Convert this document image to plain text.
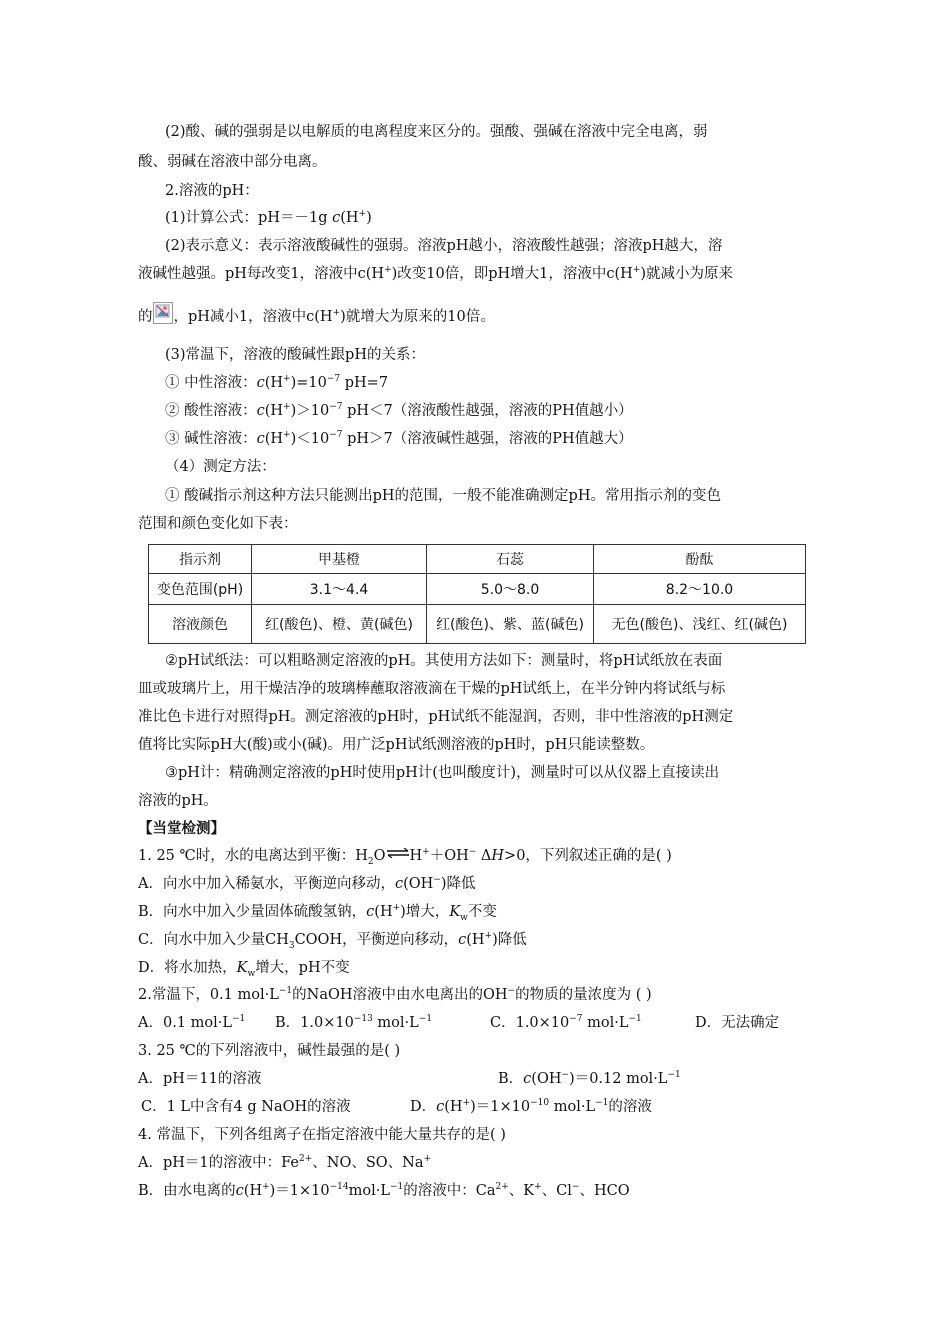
(2)酸、碱的强弱是以电解质的电离程度来区分的。强酸、强碱在溶液中完全电离，弱
酸、弱碱在溶液中部分电离。
2.溶液的pH：
(1)计算公式：pH＝－1g c(H+)
(2)表示意义：表示溶液酸碱性的强弱。溶液pH越小，溶液酸性越强；溶液pH越大，溶
液碱性越强。pH每改变1，溶液中c(H+)改变10倍，即pH增大1，溶液中c(H+)就减小为原来
的 ，pH减小1，溶液中c(H+)就增大为原来的10倍。
(3)常温下，溶液的酸碱性跟pH的关系：
① 中性溶液：$c(H^+)=10^{-7}$ pH=7
② 酸性溶液：$c(H^+)>10^{-7}$ pH＜7（溶液酸性越强，溶液的PH值越小）
③ 碱性溶液：$c(H^+)<10^{-7}$ pH＞7（溶液碱性越强，溶液的PH值越大）
（4）测定方法：
① 酸碱指示剂这种方法只能测出pH的范围，一般不能准确测定pH。常用指示剂的变色
范围和颜色变化如下表：
指示剂	甲基橙	石蕊	酚酞
变色范围(pH)	3.1～4.4	5.0～8.0	8.2～10.0
溶液颜色	红(酸色)、橙、黄(碱色)	红(酸色)、紫、蓝(碱色)	无色(酸色)、浅红、红(碱色)
②pH试纸法：可以粗略测定溶液的pH。其使用方法如下：测量时，将pH试纸放在表面
皿或玻璃片上，用干燥洁净的玻璃棒蘸取溶液滴在干燥的pH试纸上，在半分钟内将试纸与标
准比色卡进行对照得pH。测定溶液的pH时，pH试纸不能湿润，否则，非中性溶液的pH测定
值将比实际pH大(酸)或小(碱)。用广泛pH试纸测溶液的pH时，pH只能读整数。
③pH计：精确测定溶液的pH时使用pH计(也叫酸度计)，测量时可以从仪器上直接读出
溶液的pH。
【当堂检测】
1. 25 ℃时，水的电离达到平衡：$H_2O\rightleftharpoons H^++OH^-$ ΔH>0，下列叙述正确的是( )
A．向水中加入稀氨水，平衡逆向移动，c(OH−)降低
B．向水中加入少量固体硫酸氢钠，c(H+)增大，$K_w$不变
C．向水中加入少量$CH_3COOH$，平衡逆向移动，c(H+)降低
D．将水加热，$K_w$增大，pH不变
2.常温下，0.1 $mol\cdot L^{-1}$的NaOH溶液中由水电离出的OH−的物质的量浓度为 ( )
A．0.1 $mol\cdot L^{-1}$ B．$1.0\times 10^{-13}$ $mol\cdot L^{-1}$	C．$1.0\times 10^{-7}$ $mol\cdot L^{-1}$	D．无法确定
3. 25 ℃的下列溶液中，碱性最强的是( )
A．pH＝11的溶液	B．c(OH−)＝0.12 $mol\cdot L^{-1}$
C．1 L中含有4 g NaOH的溶液	D．$c(H^+)=1\times 10^{-10}$ $mol\cdot L^{-1}$的溶液
4. 常温下，下列各组离子在指定溶液中能大量共存的是( )
A．pH＝1的溶液中：$Fe^{2+}$、NO、SO、Na+
B．由水电离的$c(H^+)=1\times 10^{-14}mol\cdot L^{-1}$的溶液中：$Ca^{2+}$、K+、Cl−、HCO
